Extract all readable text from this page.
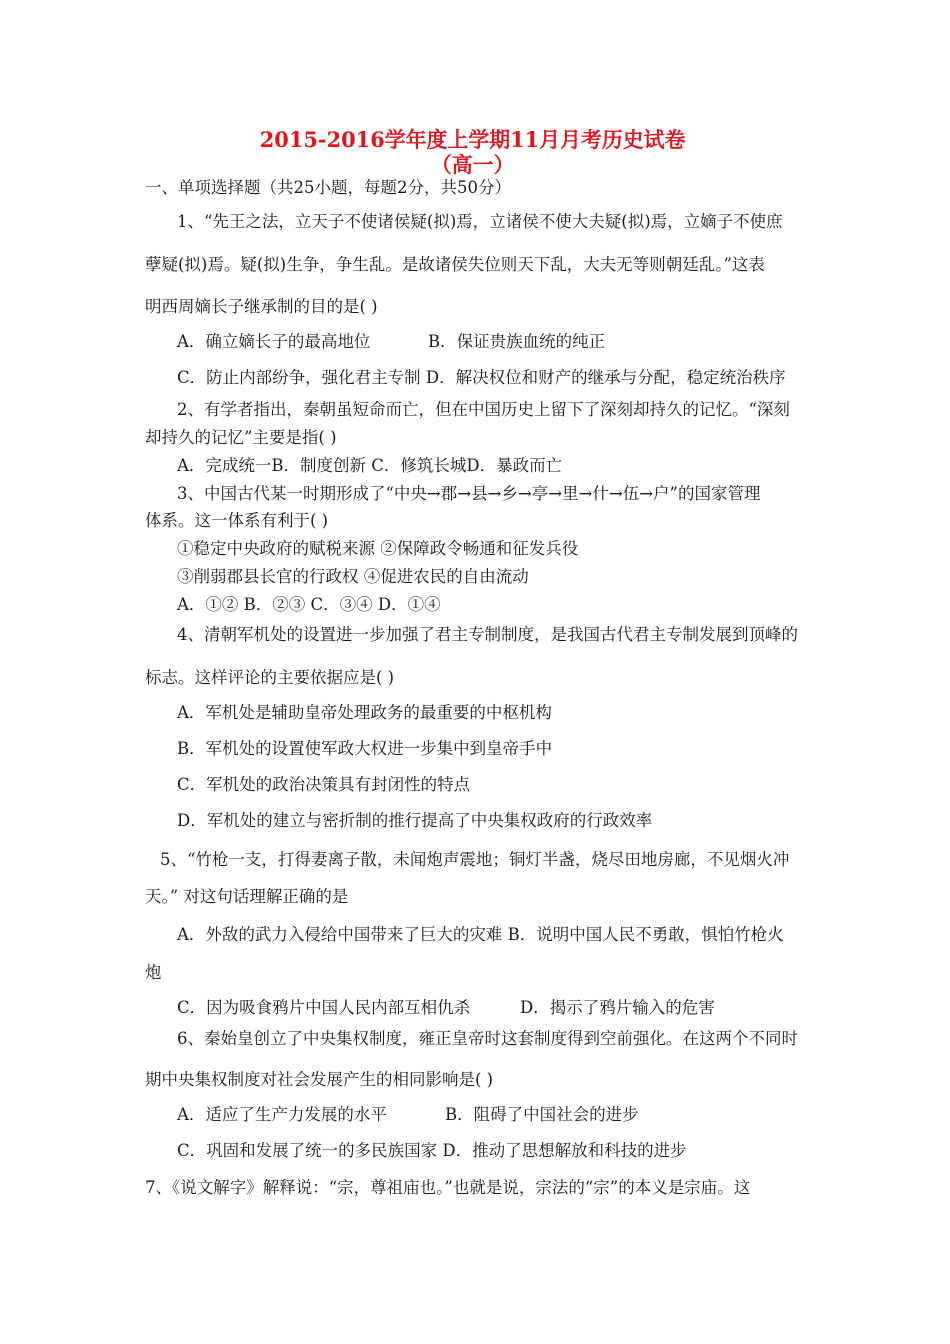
2015-2016学年度上学期11月月考历史试卷
（高一）
一、单项选择题（共25小题，每题2分，共50分）
1、“先王之法，立天子不使诸侯疑(拟)焉，立诸侯不使大夫疑(拟)焉，立嫡子不使庶
孽疑(拟)焉。疑(拟)生争，争生乱。是故诸侯失位则天下乱，大夫无等则朝廷乱。”这表
明西周嫡长子继承制的目的是( )
A．确立嫡长子的最高地位	B．保证贵族血统的纯正
C．防止内部纷争，强化君主专制 D．解决权位和财产的继承与分配，稳定统治秩序
2、有学者指出，秦朝虽短命而亡，但在中国历史上留下了深刻却持久的记忆。“深刻
却持久的记忆”主要是指( )
A．完成统一B．制度创新 C．修筑长城D．暴政而亡
3、中国古代某一时期形成了“中央→郡→县→乡→亭→里→什→伍→户”的国家管理
体系。这一体系有利于( )
①稳定中央政府的赋税来源 ②保障政令畅通和征发兵役
③削弱郡县长官的行政权 ④促进农民的自由流动
A．①② B．②③ C．③④ D．①④
4、清朝军机处的设置进一步加强了君主专制制度，是我国古代君主专制发展到顶峰的
标志。这样评论的主要依据应是( )
A．军机处是辅助皇帝处理政务的最重要的中枢机构
B．军机处的设置使军政大权进一步集中到皇帝手中
C．军机处的政治决策具有封闭性的特点
D．军机处的建立与密折制的推行提高了中央集权政府的行政效率
5、“竹枪一支，打得妻离子散，未闻炮声震地；铜灯半盏，烧尽田地房廊，不见烟火冲
天。” 对这句话理解正确的是
A．外敌的武力入侵给中国带来了巨大的灾难 B．说明中国人民不勇敢，惧怕竹枪火
炮
C．因为吸食鸦片中国人民内部互相仇杀	D．揭示了鸦片输入的危害
6、秦始皇创立了中央集权制度，雍正皇帝时这套制度得到空前强化。在这两个不同时
期中央集权制度对社会发展产生的相同影响是( )
A．适应了生产力发展的水平	B．阻碍了中国社会的进步
C．巩固和发展了统一的多民族国家 D．推动了思想解放和科技的进步
7、《说文解字》解释说：“宗，尊祖庙也。”也就是说，宗法的“宗”的本义是宗庙。这
